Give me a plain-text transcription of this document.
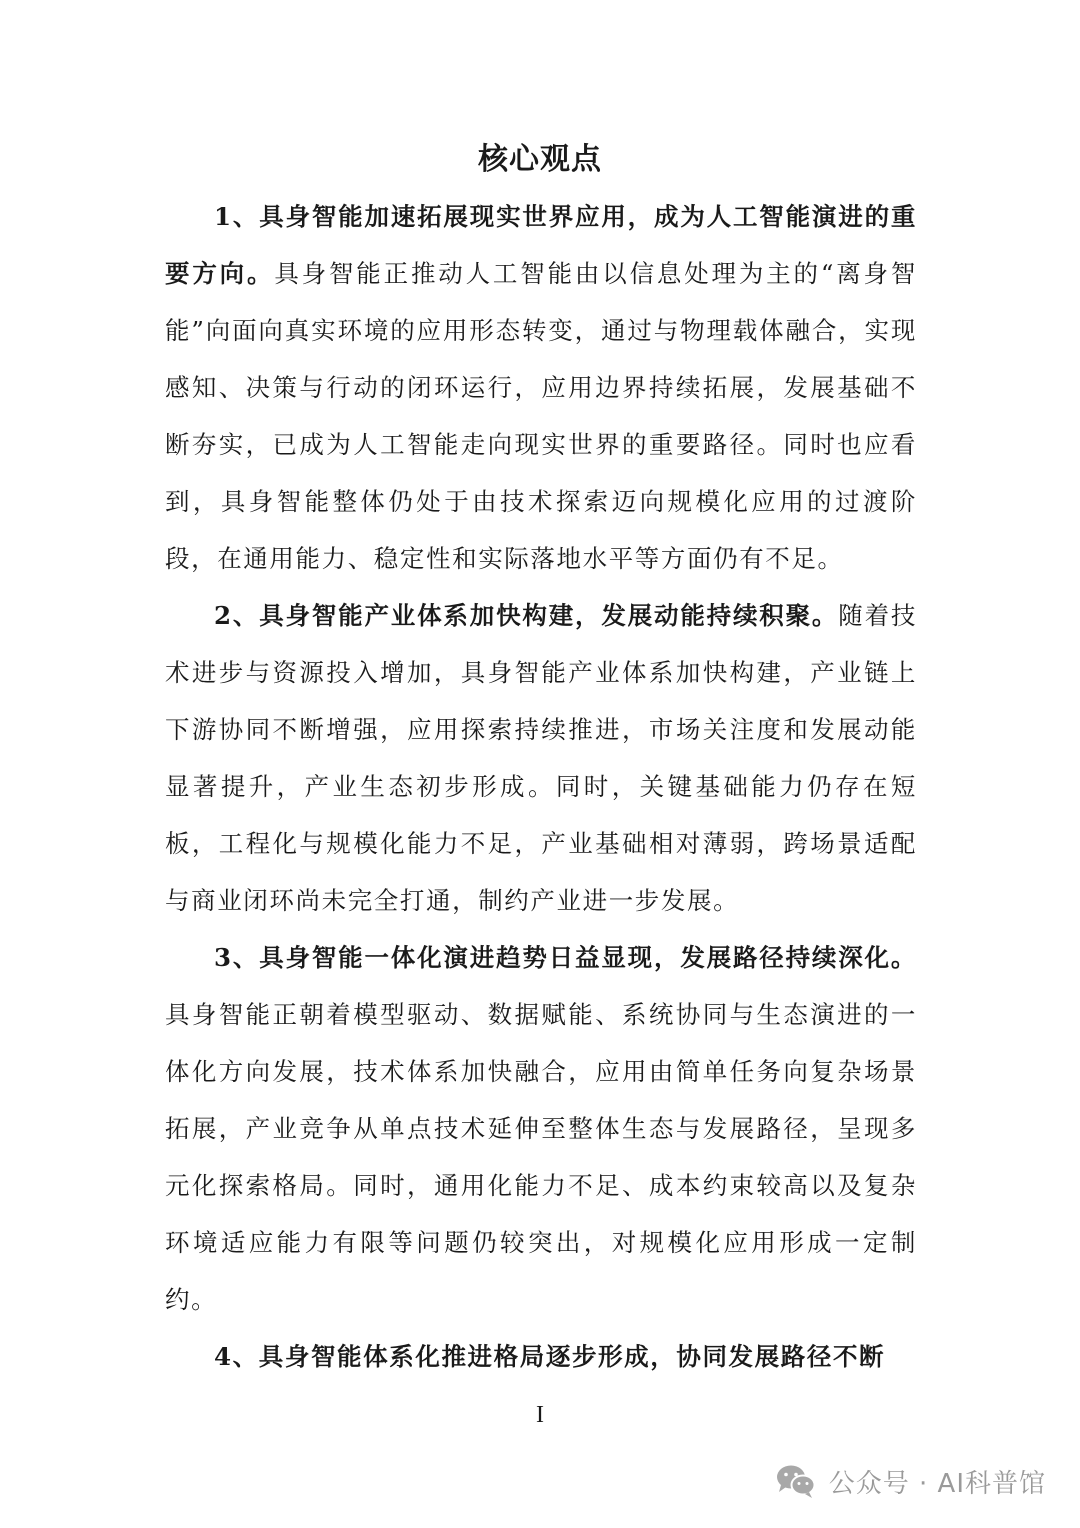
核心观点

1、具身智能加速拓展现实世界应用，成为人工智能演进的重要方向。具身智能正推动人工智能由以信息处理为主的“离身智能”向面向真实环境的应用形态转变，通过与物理载体融合，实现感知、决策与行动的闭环运行，应用边界持续拓展，发展基础不断夯实，已成为人工智能走向现实世界的重要路径。同时也应看到，具身智能整体仍处于由技术探索迈向规模化应用的过渡阶段，在通用能力、稳定性和实际落地水平等方面仍有不足。

2、具身智能产业体系加快构建，发展动能持续积聚。随着技术进步与资源投入增加，具身智能产业体系加快构建，产业链上下游协同不断增强，应用探索持续推进，市场关注度和发展动能显著提升，产业生态初步形成。同时，关键基础能力仍存在短板，工程化与规模化能力不足，产业基础相对薄弱，跨场景适配与商业闭环尚未完全打通，制约产业进一步发展。

3、具身智能一体化演进趋势日益显现，发展路径持续深化。具身智能正朝着模型驱动、数据赋能、系统协同与生态演进的一体化方向发展，技术体系加快融合，应用由简单任务向复杂场景拓展，产业竞争从单点技术延伸至整体生态与发展路径，呈现多元化探索格局。同时，通用化能力不足、成本约束较高以及复杂环境适应能力有限等问题仍较突出，对规模化应用形成一定制约。

4、具身智能体系化推进格局逐步形成，协同发展路径不断

I
公众号 · AI科普馆
